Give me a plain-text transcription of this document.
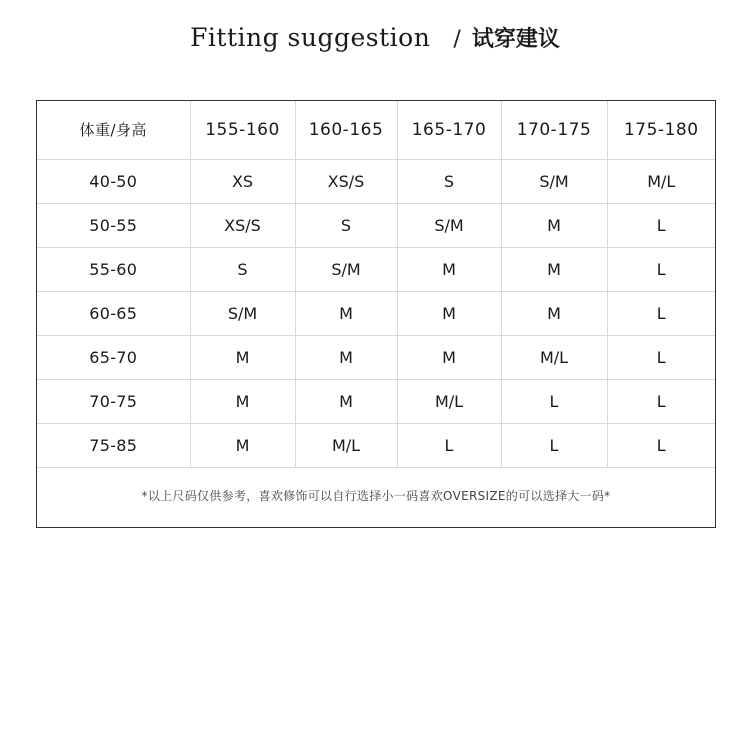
Fitting suggestion / 试穿建议
体重/身高	155-160	160-165	165-170	170-175	175-180
40-50	XS	XS/S	S	S/M	M/L
50-55	XS/S	S	S/M	M	L
55-60	S	S/M	M	M	L
60-65	S/M	M	M	M	L
65-70	M	M	M	M/L	L
70-75	M	M	M/L	L	L
75-85	M	M/L	L	L	L
*以上尺码仅供参考，喜欢修饰可以自行选择小一码喜欢OVERSIZE的可以选择大一码*					
